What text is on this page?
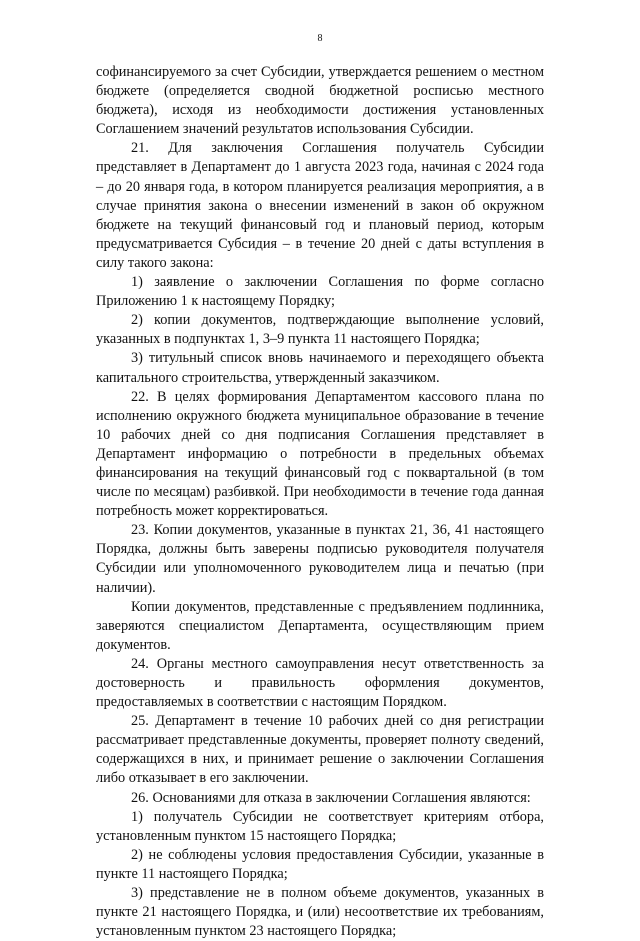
8

софинансируемого за счет Субсидии, утверждается решением о местном бюджете (определяется сводной бюджетной росписью местного бюджета), исходя из необходимости достижения установленных Соглашением значений результатов использования Субсидии.

21. Для заключения Соглашения получатель Субсидии представляет в Департамент до 1 августа 2023 года, начиная с 2024 года – до 20 января года, в котором планируется реализация мероприятия, а в случае принятия закона о внесении изменений в закон об окружном бюджете на текущий финансовый год и плановый период, которым предусматривается Субсидия – в течение 20 дней с даты вступления в силу такого закона:

1) заявление о заключении Соглашения по форме согласно Приложению 1 к настоящему Порядку;

2) копии документов, подтверждающие выполнение условий, указанных в подпунктах 1, 3–9 пункта 11 настоящего Порядка;

3) титульный список вновь начинаемого и переходящего объекта капитального строительства, утвержденный заказчиком.

22. В целях формирования Департаментом кассового плана по исполнению окружного бюджета муниципальное образование в течение 10 рабочих дней со дня подписания Соглашения представляет в Департамент информацию о потребности в предельных объемах финансирования на текущий финансовый год с поквартальной (в том числе по месяцам) разбивкой. При необходимости в течение года данная потребность может корректироваться.

23. Копии документов, указанные в пунктах 21, 36, 41 настоящего Порядка, должны быть заверены подписью руководителя получателя Субсидии или уполномоченного руководителем лица и печатью (при наличии).

Копии документов, представленные с предъявлением подлинника, заверяются специалистом Департамента, осуществляющим прием документов.

24. Органы местного самоуправления несут ответственность за достоверность и правильность оформления документов, предоставляемых в соответствии с настоящим Порядком.

25. Департамент в течение 10 рабочих дней со дня регистрации рассматривает представленные документы, проверяет полноту сведений, содержащихся в них, и принимает решение о заключении Соглашения либо отказывает в его заключении.

26. Основаниями для отказа в заключении Соглашения являются:

1) получатель Субсидии не соответствует критериям отбора, установленным пунктом 15 настоящего Порядка;

2) не соблюдены условия предоставления Субсидии, указанные в пункте 11 настоящего Порядка;

3) представление не в полном объеме документов, указанных в пункте 21 настоящего Порядка, и (или) несоответствие их требованиям, установленным пунктом 23 настоящего Порядка;
